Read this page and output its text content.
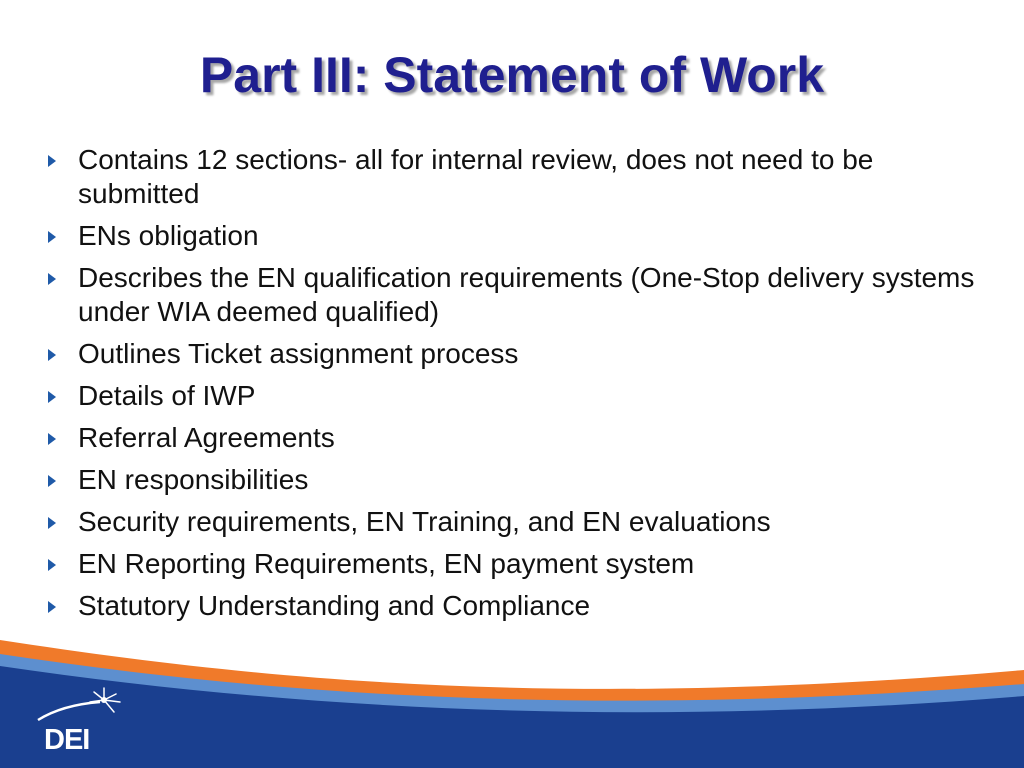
Part III: Statement of Work
Contains 12 sections- all for internal review, does not need to be submitted
ENs obligation
Describes the EN qualification requirements (One-Stop delivery systems under WIA deemed qualified)
Outlines Ticket assignment process
Details of IWP
Referral Agreements
EN responsibilities
Security requirements, EN Training, and EN evaluations
EN Reporting Requirements, EN payment system
Statutory Understanding and Compliance
DEI
